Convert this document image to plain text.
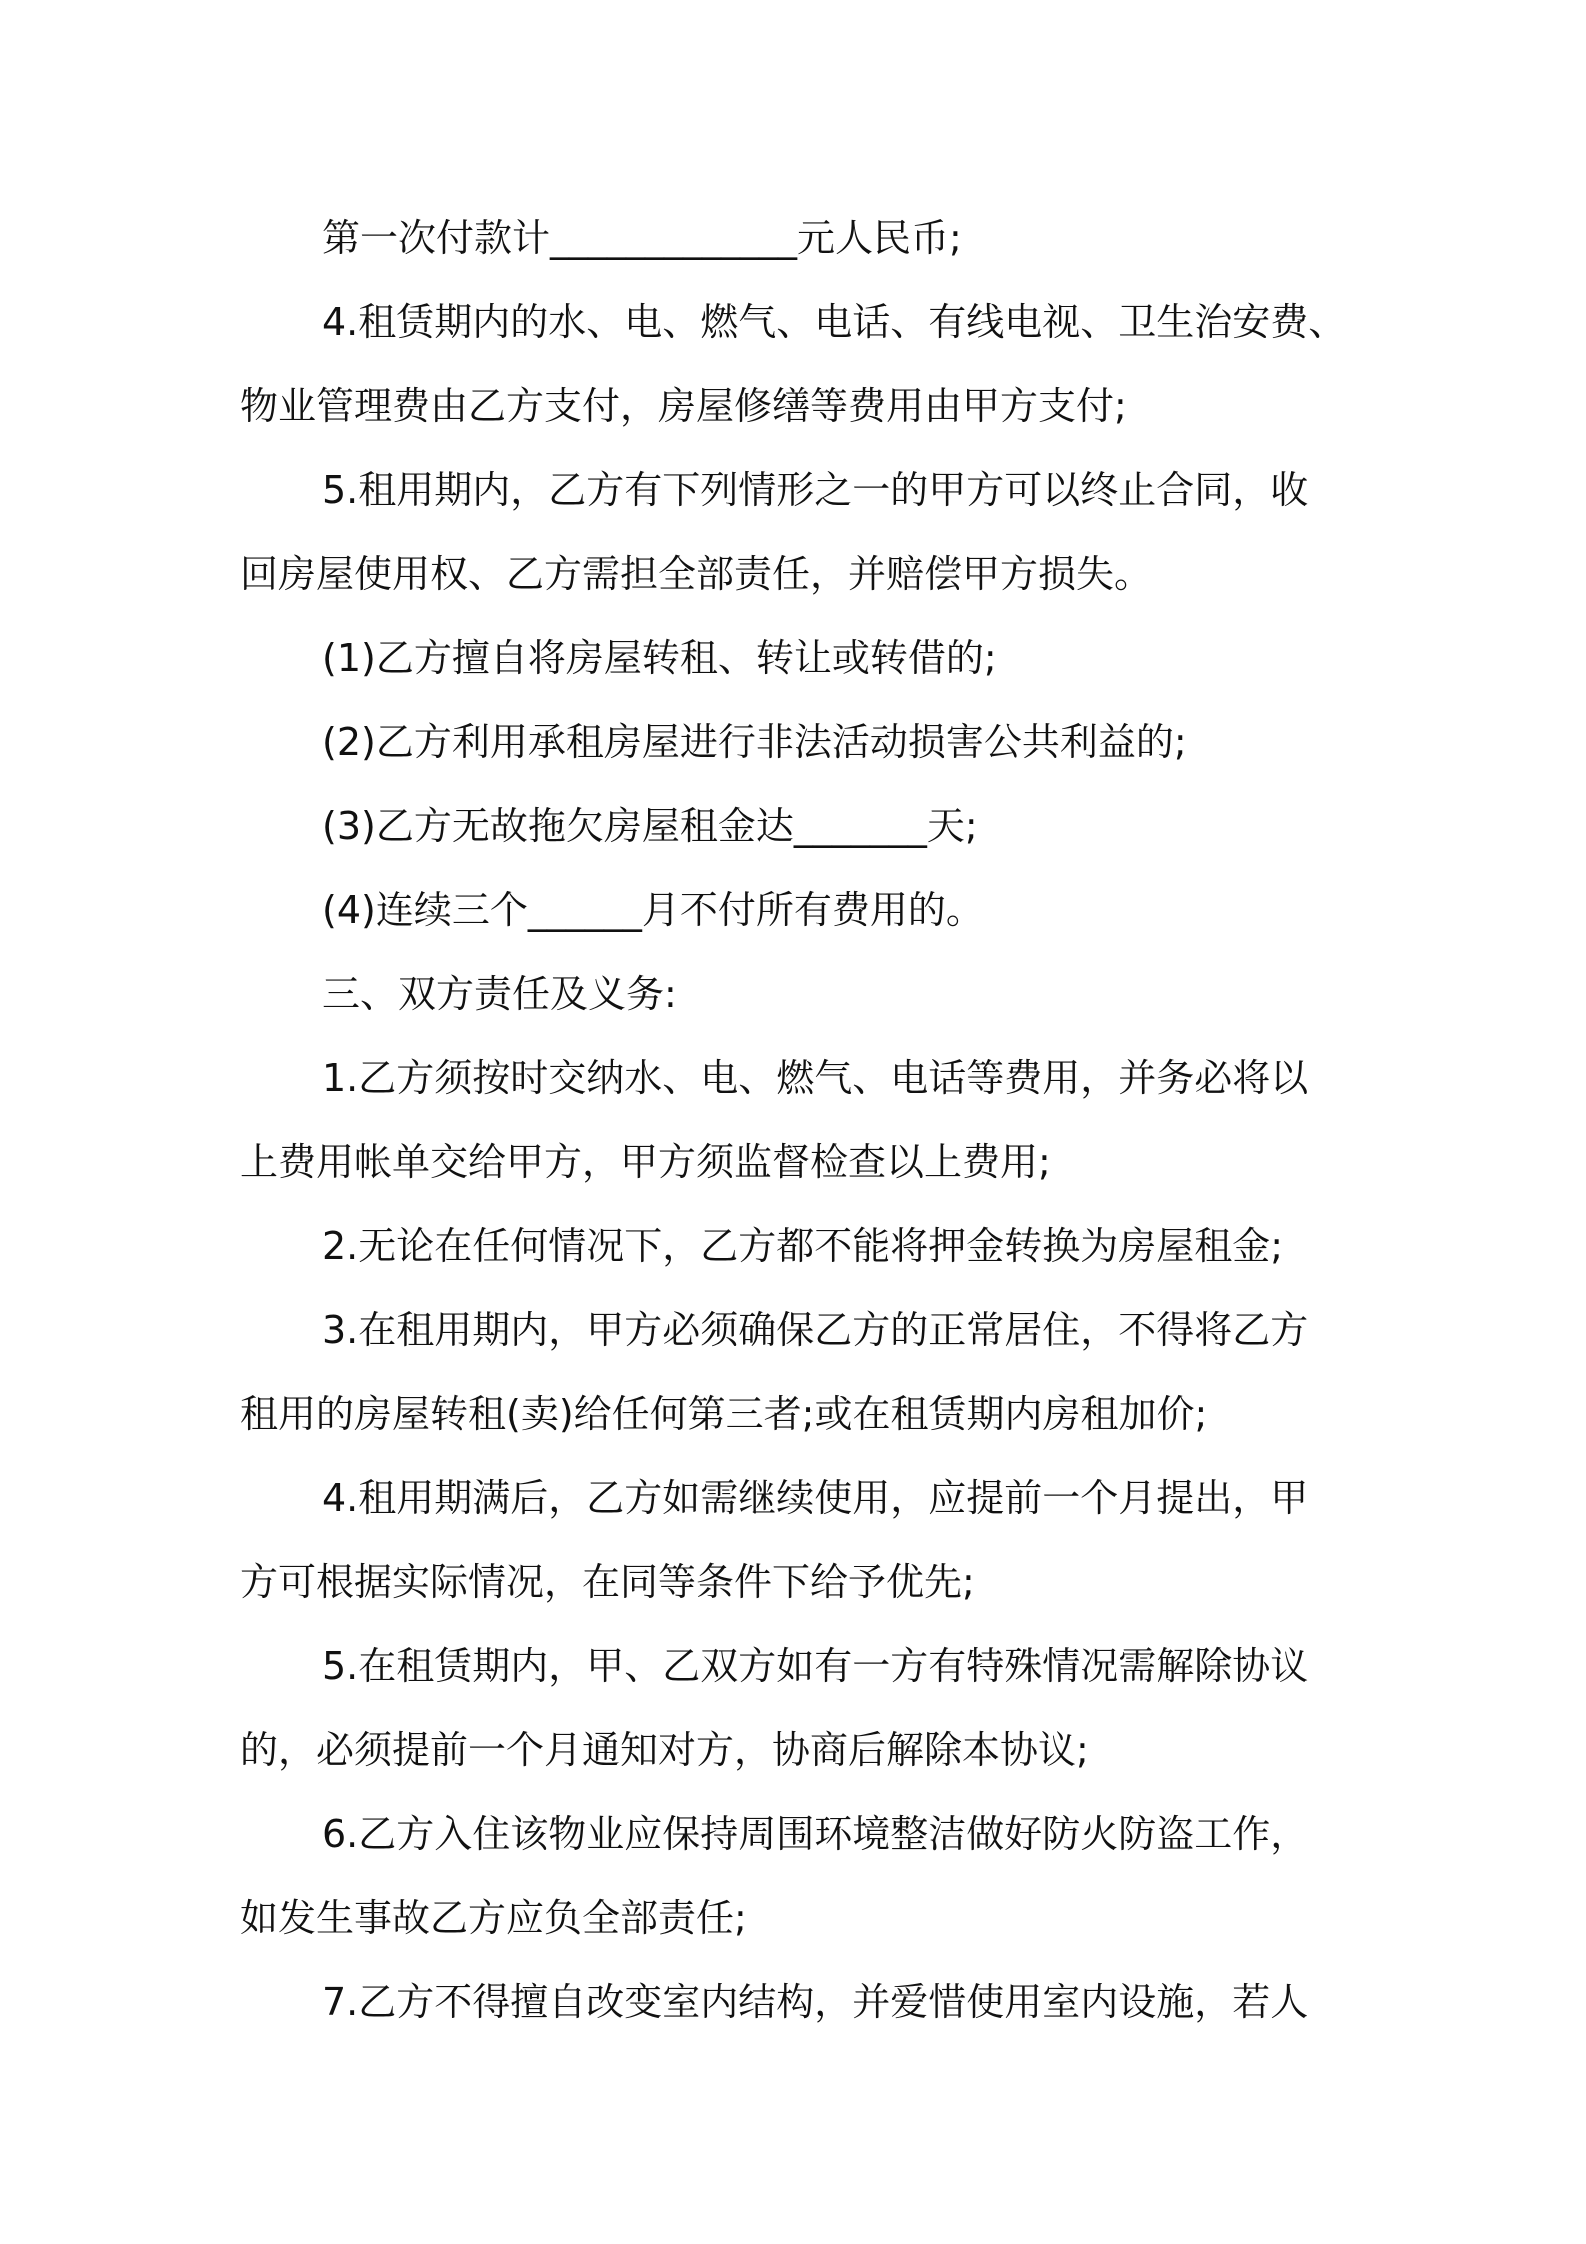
第一次付款计_____________元人民币;
4.租赁期内的水、电、燃气、电话、有线电视、卫生治安费、
物业管理费由乙方支付，房屋修缮等费用由甲方支付;
5.租用期内，乙方有下列情形之一的甲方可以终止合同，收
回房屋使用权、乙方需担全部责任，并赔偿甲方损失。
(1)乙方擅自将房屋转租、转让或转借的;
(2)乙方利用承租房屋进行非法活动损害公共利益的;
(3)乙方无故拖欠房屋租金达_______天;
(4)连续三个______月不付所有费用的。
三、双方责任及义务:
1.乙方须按时交纳水、电、燃气、电话等费用，并务必将以
上费用帐单交给甲方，甲方须监督检查以上费用;
2.无论在任何情况下，乙方都不能将押金转换为房屋租金;
3.在租用期内，甲方必须确保乙方的正常居住，不得将乙方
租用的房屋转租(卖)给任何第三者;或在租赁期内房租加价;
4.租用期满后，乙方如需继续使用，应提前一个月提出，甲
方可根据实际情况，在同等条件下给予优先;
5.在租赁期内，甲、乙双方如有一方有特殊情况需解除协议
的，必须提前一个月通知对方，协商后解除本协议;
6.乙方入住该物业应保持周围环境整洁做好防火防盗工作，
如发生事故乙方应负全部责任;
7.乙方不得擅自改变室内结构，并爱惜使用室内设施，若人
